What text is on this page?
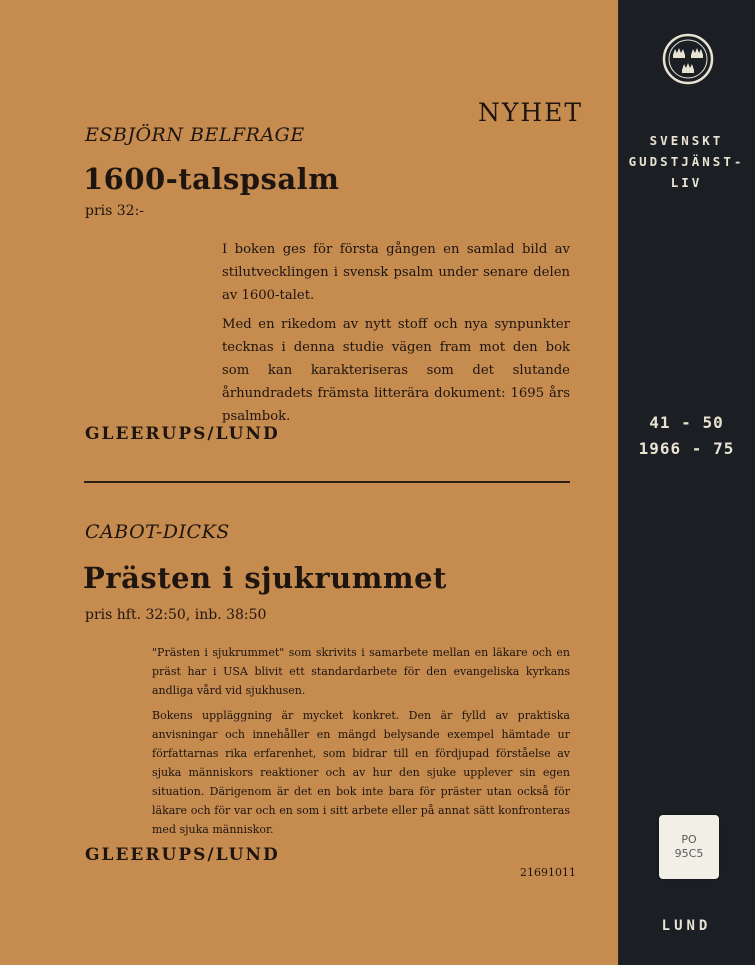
NYHET
ESBJÖRN BELFRAGE
1600-talspsalm
pris 32:-

I boken ges för första gången en samlad bild av stilutvecklingen i svensk psalm under senare delen av 1600-talet.

Med en rikedom av nytt stoff och nya synpunkter tecknas i denna studie vägen fram mot den bok som kan karakteriseras som det slutande århundradets främsta litterära dokument: 1695 års psalmbok.

GLEERUPS/LUND
CABOT-DICKS
Prästen i sjukrummet
pris hft. 32:50, inb. 38:50

"Prästen i sjukrummet" som skrivits i samarbete mellan en läkare och en präst har i USA blivit ett standardarbete för den evangeliska kyrkans andliga vård vid sjukhusen.

Bokens uppläggning är mycket konkret. Den är fylld av praktiska anvisningar och innehåller en mängd belysande exempel hämtade ur författarnas rika erfarenhet, som bidrar till en fördjupad förståelse av sjuka människors reaktioner och av hur den sjuke upplever sin egen situation. Därigenom är det en bok inte bara för präster utan också för läkare och för var och en som i sitt arbete eller på annat sätt konfronteras med sjuka människor.

GLEERUPS/LUND
21691011
SVENSKT
GUDSTJÄNST-
LIV
41 - 50
1966 - 75
PO
95C5
LUND
